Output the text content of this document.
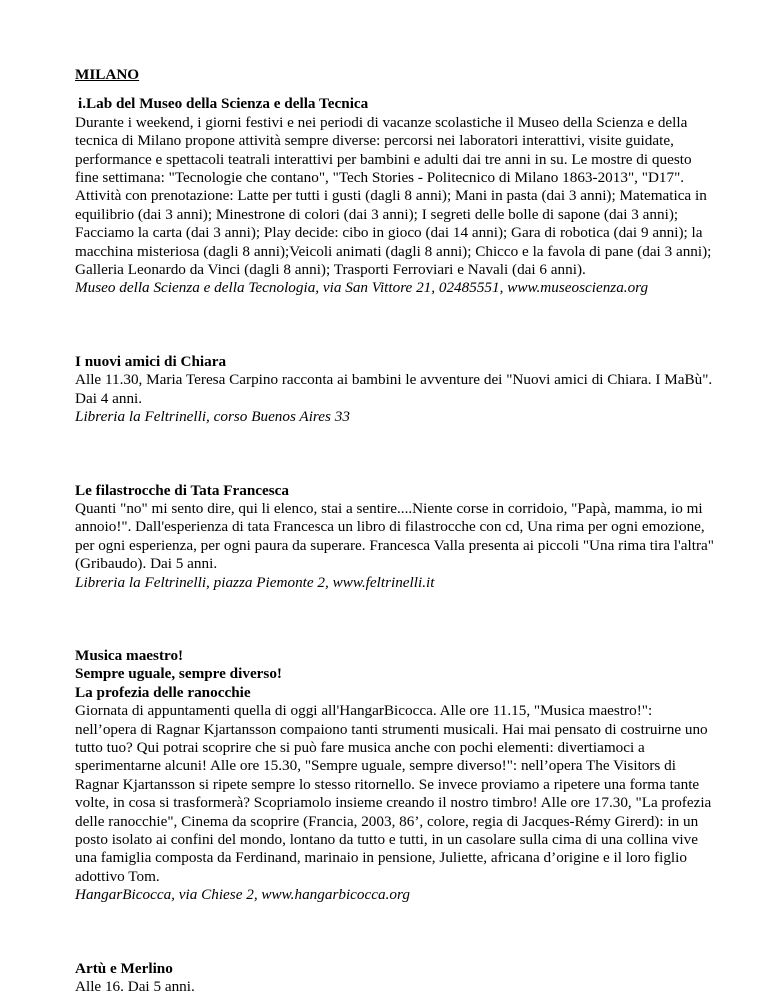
MILANO

i.Lab del Museo della Scienza e della Tecnica
Durante i weekend, i giorni festivi e nei periodi di vacanze scolastiche il Museo della Scienza e della tecnica di Milano propone attività sempre diverse: percorsi nei laboratori interattivi, visite guidate, performance e spettacoli teatrali interattivi per bambini e adulti dai tre anni in su. Le mostre di questo fine settimana: "Tecnologie che contano", "Tech Stories - Politecnico di Milano 1863-2013", "D17". Attività con prenotazione: Latte per tutti i gusti (dagli 8 anni); Mani in pasta (dai 3 anni); Matematica in equilibrio (dai 3 anni); Minestrone di colori (dai 3 anni); I segreti delle bolle di sapone (dai 3 anni); Facciamo la carta (dai 3 anni); Play decide: cibo in gioco (dai 14 anni); Gara di robotica (dai 9 anni); la macchina misteriosa (dagli 8 anni);Veicoli animati (dagli 8 anni); Chicco e la favola di pane (dai 3 anni); Galleria Leonardo da Vinci (dagli 8 anni); Trasporti Ferroviari e Navali (dai 6 anni).
Museo della Scienza e della Tecnologia, via San Vittore 21, 02485551, www.museoscienza.org
I nuovi amici di Chiara
Alle 11.30, Maria Teresa Carpino racconta ai bambini le avventure dei "Nuovi amici di Chiara. I MaBù". Dai 4 anni.
Libreria la Feltrinelli, corso Buenos Aires 33
Le filastrocche di Tata Francesca
Quanti "no" mi sento dire, qui li elenco, stai a sentire....Niente corse in corridoio, "Papà, mamma, io mi annoio!". Dall'esperienza di tata Francesca un libro di filastrocche con cd, Una rima per ogni emozione, per ogni esperienza, per ogni paura da superare. Francesca Valla presenta ai piccoli "Una rima tira l'altra" (Gribaudo). Dai 5 anni.
Libreria la Feltrinelli, piazza Piemonte 2, www.feltrinelli.it
Musica maestro!
Sempre uguale, sempre diverso!
La profezia delle ranocchie
Giornata di appuntamenti quella di oggi all'HangarBicocca. Alle ore 11.15, "Musica maestro!": nell’opera di Ragnar Kjartansson compaiono tanti strumenti musicali. Hai mai pensato di costruirne uno tutto tuo? Qui potrai scoprire che si può fare musica anche con pochi elementi: divertiamoci a sperimentarne alcuni! Alle ore 15.30, "Sempre uguale, sempre diverso!": nell’opera The Visitors di Ragnar Kjartansson si ripete sempre lo stesso ritornello. Se invece proviamo a ripetere una forma tante volte, in cosa si trasformerà? Scopriamolo insieme creando il nostro timbro! Alle ore 17.30, "La profezia delle ranocchie", Cinema da scoprire (Francia, 2003, 86’, colore, regia di Jacques-Rémy Girerd): in un posto isolato ai confini del mondo, lontano da tutto e tutti, in un casolare sulla cima di una collina vive una famiglia composta da Ferdinand, marinaio in pensione, Juliette, africana d’origine e il loro figlio adottivo Tom.
HangarBicocca, via Chiese 2, www.hangarbicocca.org
Artù e Merlino
Alle 16. Dai 5 anni.
